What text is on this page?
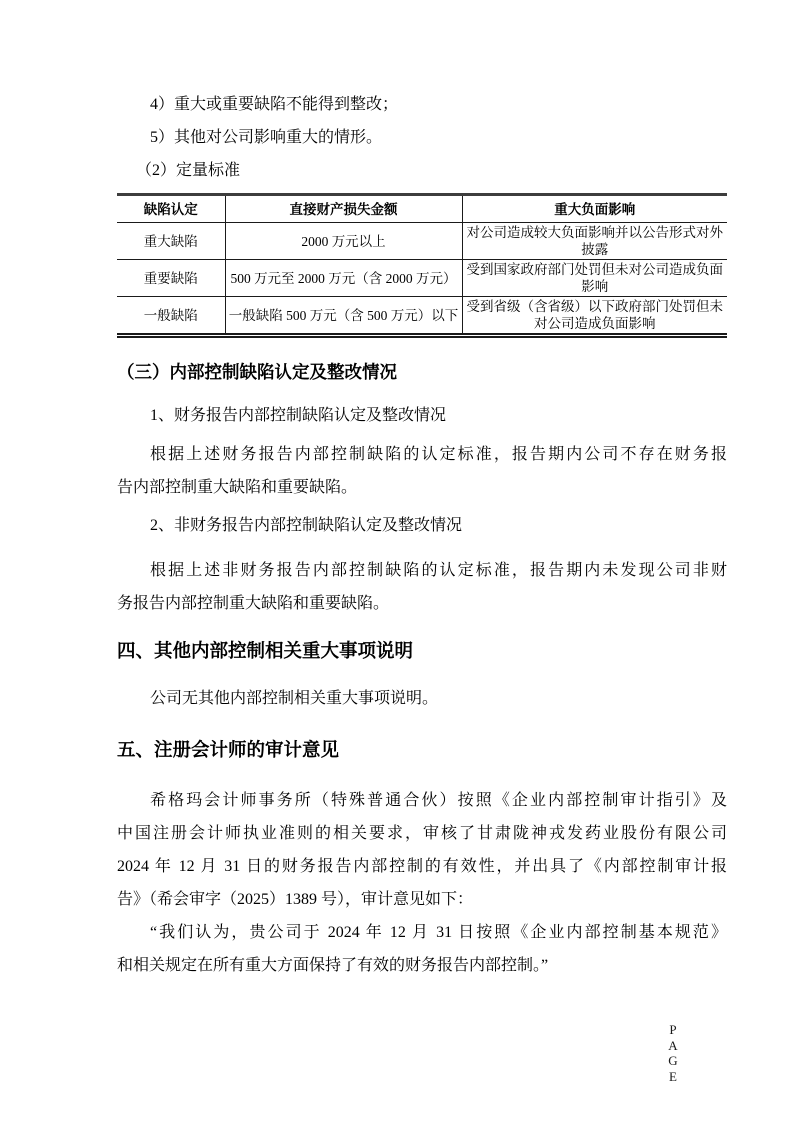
4）重大或重要缺陷不能得到整改；
5）其他对公司影响重大的情形。
（2）定量标准
缺陷认定	直接财产损失金额	重大负面影响
重大缺陷	2000 万元以上	对公司造成较大负面影响并以公告形式对外披露
重要缺陷	500 万元至 2000 万元（含 2000 万元）	受到国家政府部门处罚但未对公司造成负面影响
一般缺陷	一般缺陷 500 万元（含 500 万元）以下	受到省级（含省级）以下政府部门处罚但未对公司造成负面影响
（三）内部控制缺陷认定及整改情况
1、财务报告内部控制缺陷认定及整改情况
根据上述财务报告内部控制缺陷的认定标准，报告期内公司不存在财务报
告内部控制重大缺陷和重要缺陷。
2、非财务报告内部控制缺陷认定及整改情况
根据上述非财务报告内部控制缺陷的认定标准，报告期内未发现公司非财
务报告内部控制重大缺陷和重要缺陷。
四、其他内部控制相关重大事项说明
公司无其他内部控制相关重大事项说明。
五、注册会计师的审计意见
希格玛会计师事务所（特殊普通合伙）按照《企业内部控制审计指引》及
中国注册会计师执业准则的相关要求，审核了甘肃陇神戎发药业股份有限公司
2024 年 12 月 31 日的财务报告内部控制的有效性，并出具了《内部控制审计报
告》（希会审字（2025）1389 号），审计意见如下：
“我们认为，贵公司于 2024 年 12 月 31 日按照《企业内部控制基本规范》
和相关规定在所有重大方面保持了有效的财务报告内部控制。”
P
A
G
E
